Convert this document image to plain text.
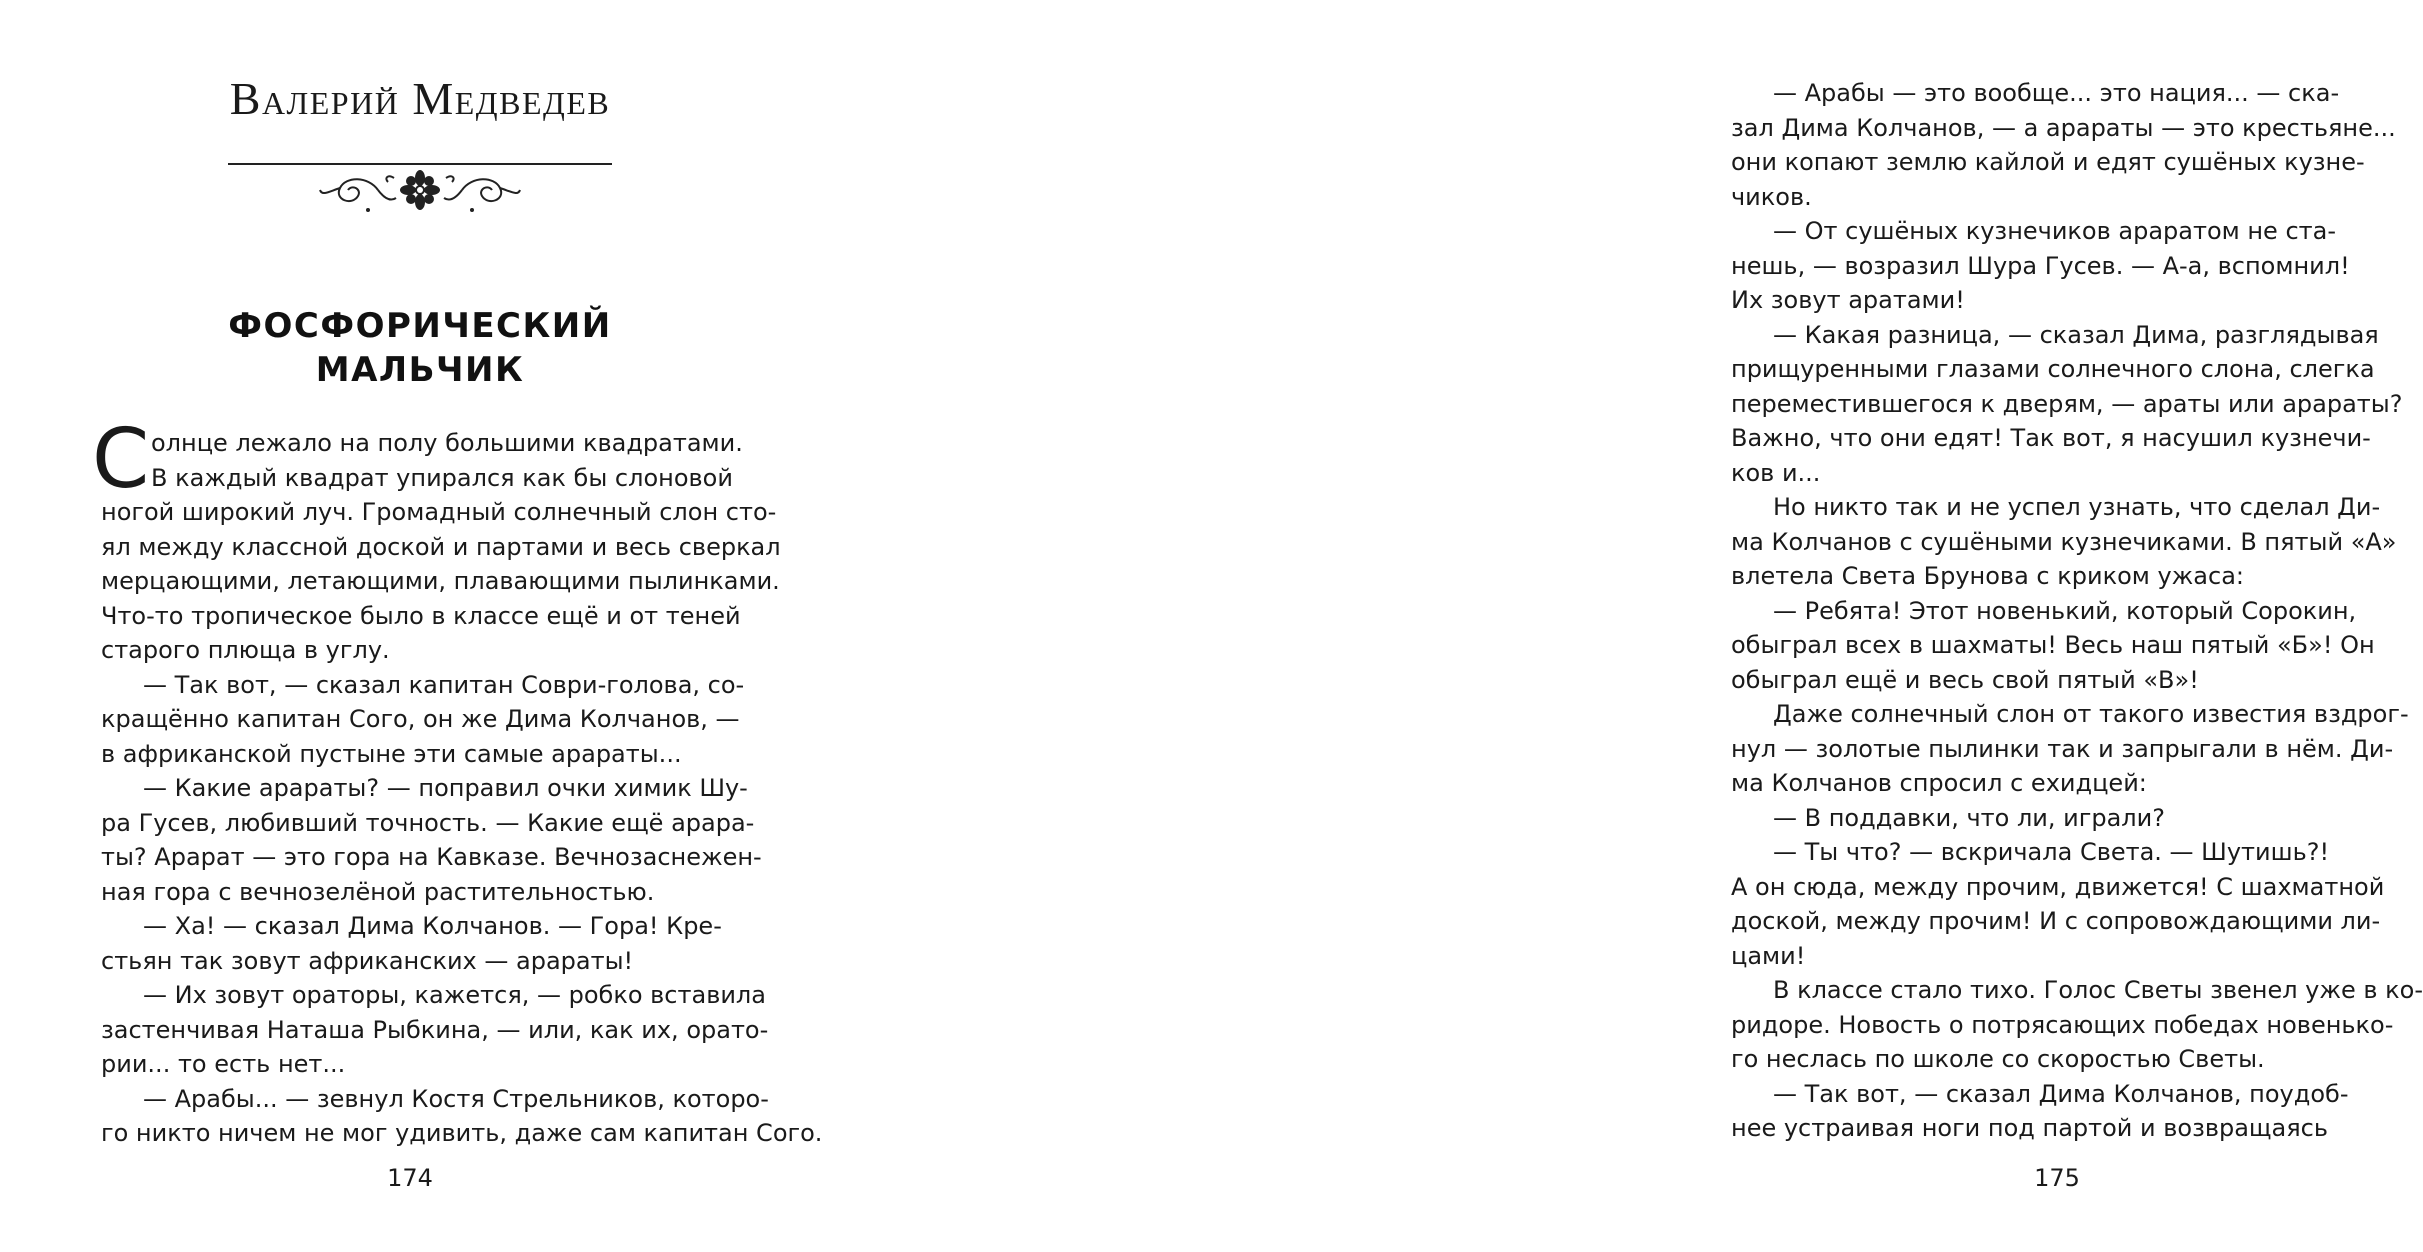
Валерий Медведев
ФОСФОРИЧЕСКИЙ
МАЛЬЧИК
С олнце лежало на полу большими квадратами.
В каждый квадрат упирался как бы слоновой
ногой широкий луч. Громадный солнечный слон сто-
ял между классной доской и партами и весь сверкал
мерцающими, летающими, плавающими пылинками.
Что-то тропическое было в классе ещё и от теней
старого плюща в углу.
— Так вот, — сказал капитан Соври-голова, со-
кращённо капитан Сого, он же Дима Колчанов, —
в африканской пустыне эти самые арараты...
— Какие арараты? — поправил очки химик Шу-
ра Гусев, любивший точность. — Какие ещё арара-
ты? Арарат — это гора на Кавказе. Вечнозаснежен-
ная гора с вечнозелёной растительностью.
— Ха! — сказал Дима Колчанов. — Гора! Кре-
стьян так зовут африканских — арараты!
— Их зовут ораторы, кажется, — робко вставила
застенчивая Наташа Рыбкина, — или, как их, орато-
рии... то есть нет...
— Арабы... — зевнул Костя Стрельников, которо-
го никто ничем не мог удивить, даже сам капитан Сого.
174
— Арабы — это вообще... это нация... — ска-
зал Дима Колчанов, — а арараты — это крестьяне...
они копают землю кайлой и едят сушёных кузне-
чиков.
— От сушёных кузнечиков араратом не ста-
нешь, — возразил Шура Гусев. — А-а, вспомнил!
Их зовут аратами!
— Какая разница, — сказал Дима, разглядывая
прищуренными глазами солнечного слона, слегка
переместившегося к дверям, — араты или арараты?
Важно, что они едят! Так вот, я насушил кузнечи-
ков и...
Но никто так и не успел узнать, что сделал Ди-
ма Колчанов с сушёными кузнечиками. В пятый «А»
влетела Света Брунова с криком ужаса:
— Ребята! Этот новенький, который Сорокин,
обыграл всех в шахматы! Весь наш пятый «Б»! Он
обыграл ещё и весь свой пятый «В»!
Даже солнечный слон от такого известия вздрог-
нул — золотые пылинки так и запрыгали в нём. Ди-
ма Колчанов спросил с ехидцей:
— В поддавки, что ли, играли?
— Ты что? — вскричала Света. — Шутишь?!
А он сюда, между прочим, движется! С шахматной
доской, между прочим! И с сопровождающими ли-
цами!
В классе стало тихо. Голос Светы звенел уже в ко-
ридоре. Новость о потрясающих победах новенько-
го неслась по школе со скоростью Светы.
— Так вот, — сказал Дима Колчанов, поудоб-
нее устраивая ноги под партой и возвращаясь
175
